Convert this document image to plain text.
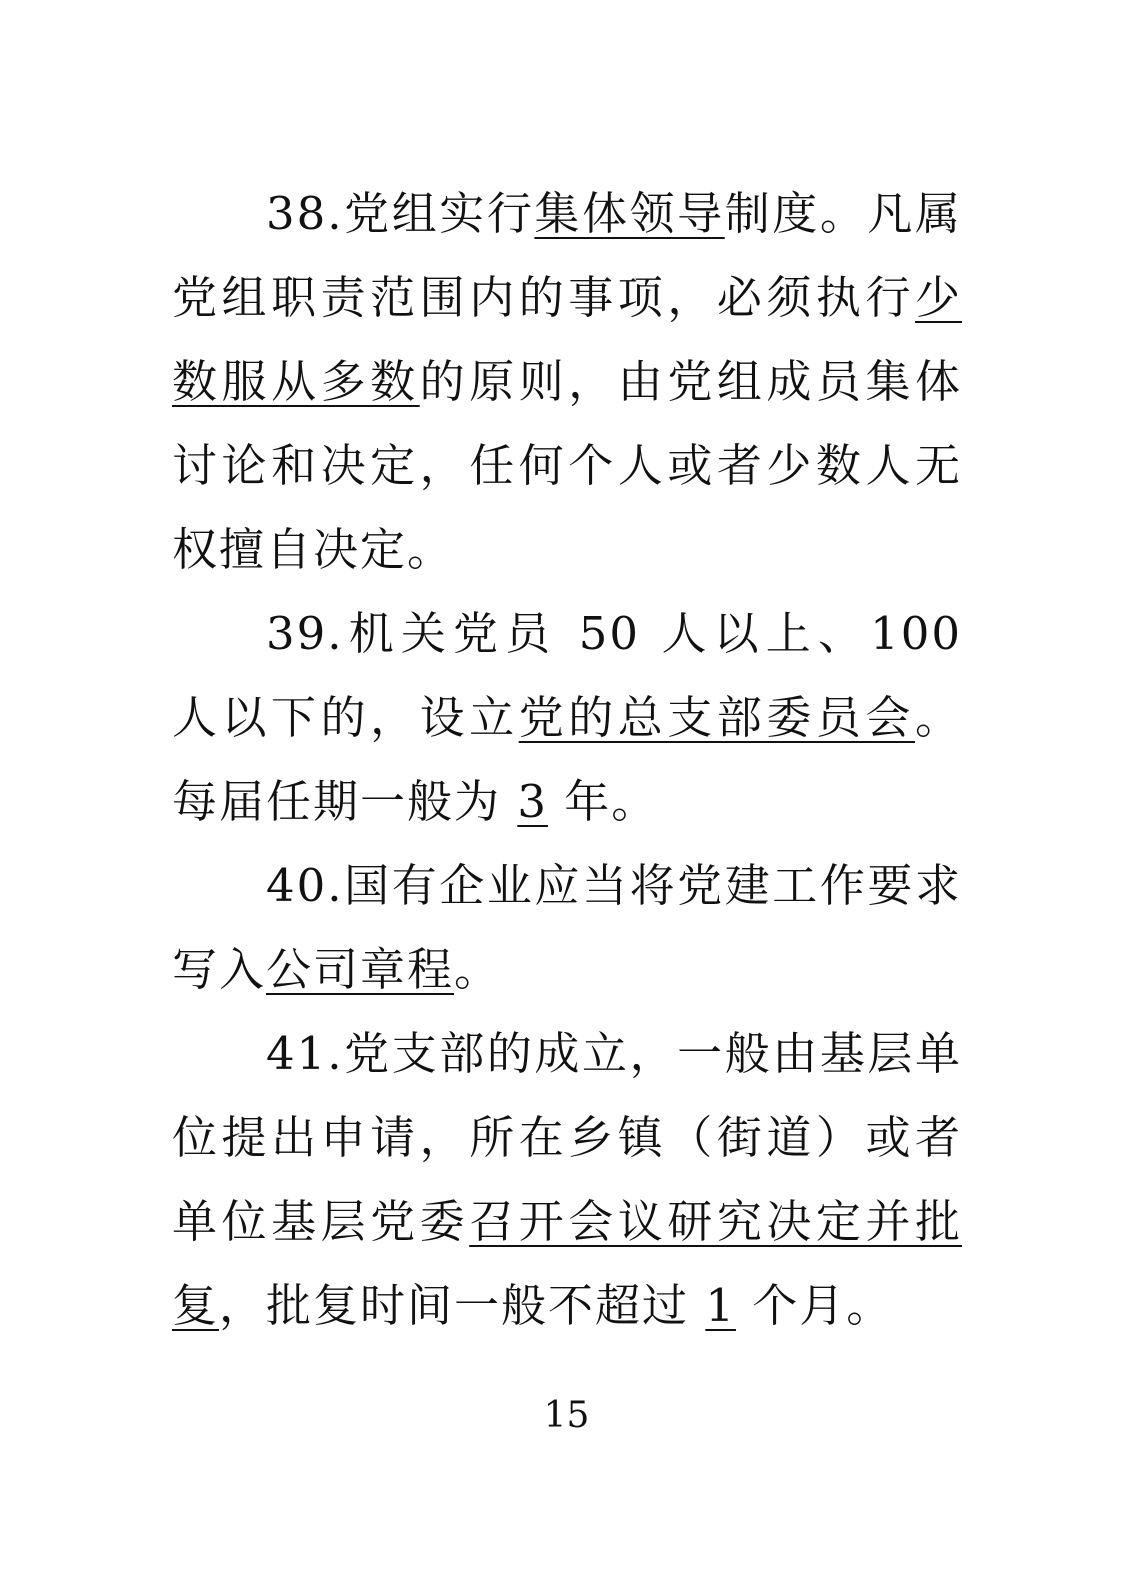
38.党组实行集体领导制度。凡属党组职责范围内的事项，必须执行少数服从多数的原则，由党组成员集体讨论和决定，任何个人或者少数人无权擅自决定。

39.机关党员 50 人以上、100 人以下的，设立党的总支部委员会。每届任期一般为 3 年。

40.国有企业应当将党建工作要求写入公司章程。

41.党支部的成立，一般由基层单位提出申请，所在乡镇（街道）或者单位基层党委召开会议研究决定并批复，批复时间一般不超过 1 个月。

15
